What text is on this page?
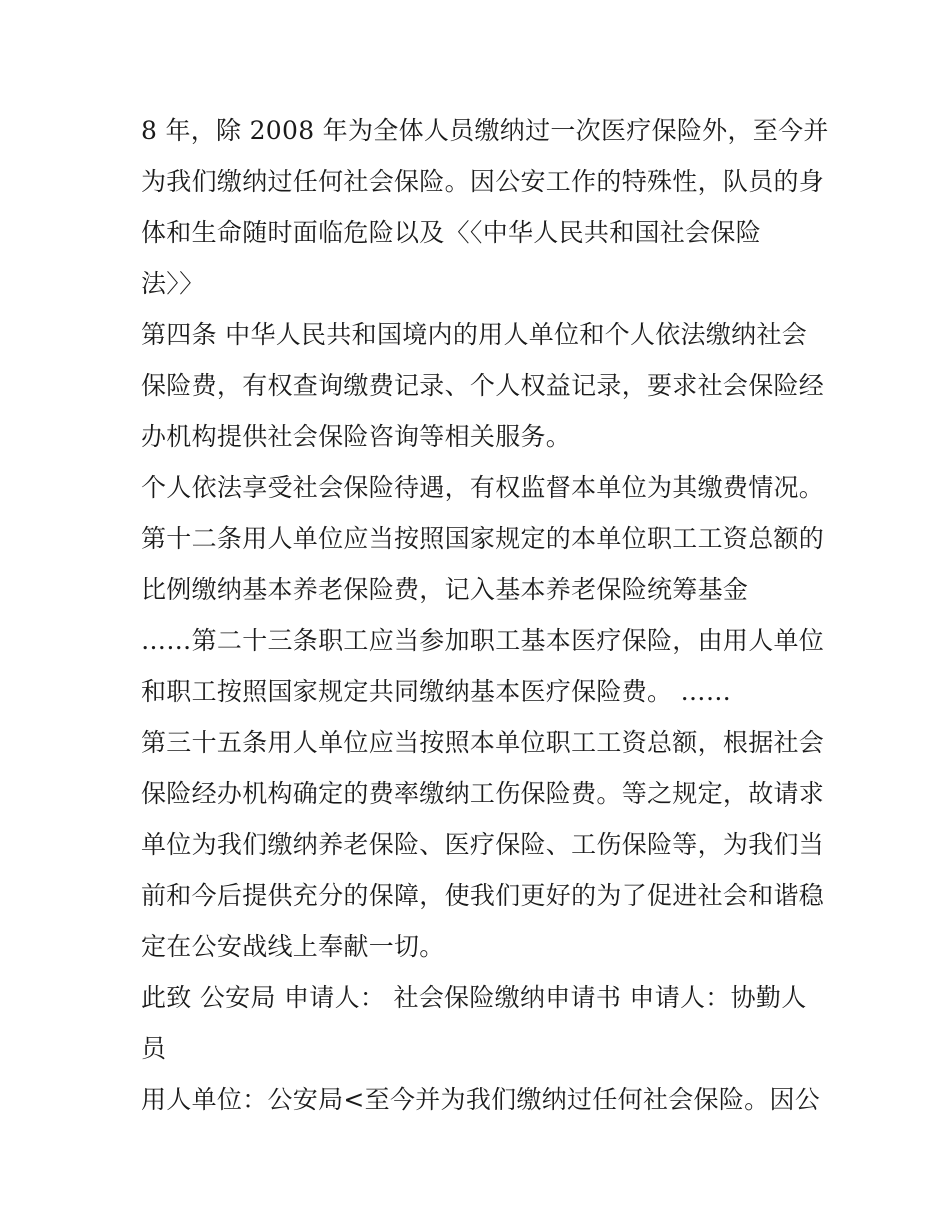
8 年，除 2008 年为全体人员缴纳过一次医疗保险外，至今并
为我们缴纳过任何社会保险。因公安工作的特殊性，队员的身
体和生命随时面临危险以及〈〈中华人民共和国社会保险
法〉〉
第四条 中华人民共和国境内的用人单位和个人依法缴纳社会
保险费，有权查询缴费记录、个人权益记录，要求社会保险经
办机构提供社会保险咨询等相关服务。
个人依法享受社会保险待遇，有权监督本单位为其缴费情况。
第十二条用人单位应当按照国家规定的本单位职工工资总额的
比例缴纳基本养老保险费，记入基本养老保险统筹基金
……第二十三条职工应当参加职工基本医疗保险，由用人单位
和职工按照国家规定共同缴纳基本医疗保险费。 ……
第三十五条用人单位应当按照本单位职工工资总额，根据社会
保险经办机构确定的费率缴纳工伤保险费。等之规定，故请求
单位为我们缴纳养老保险、医疗保险、工伤保险等，为我们当
前和今后提供充分的保障，使我们更好的为了促进社会和谐稳
定在公安战线上奉献一切。
此致 公安局 申请人： 社会保险缴纳申请书 申请人：协勤人
员
用人单位：公安局<至今并为我们缴纳过任何社会保险。因公
